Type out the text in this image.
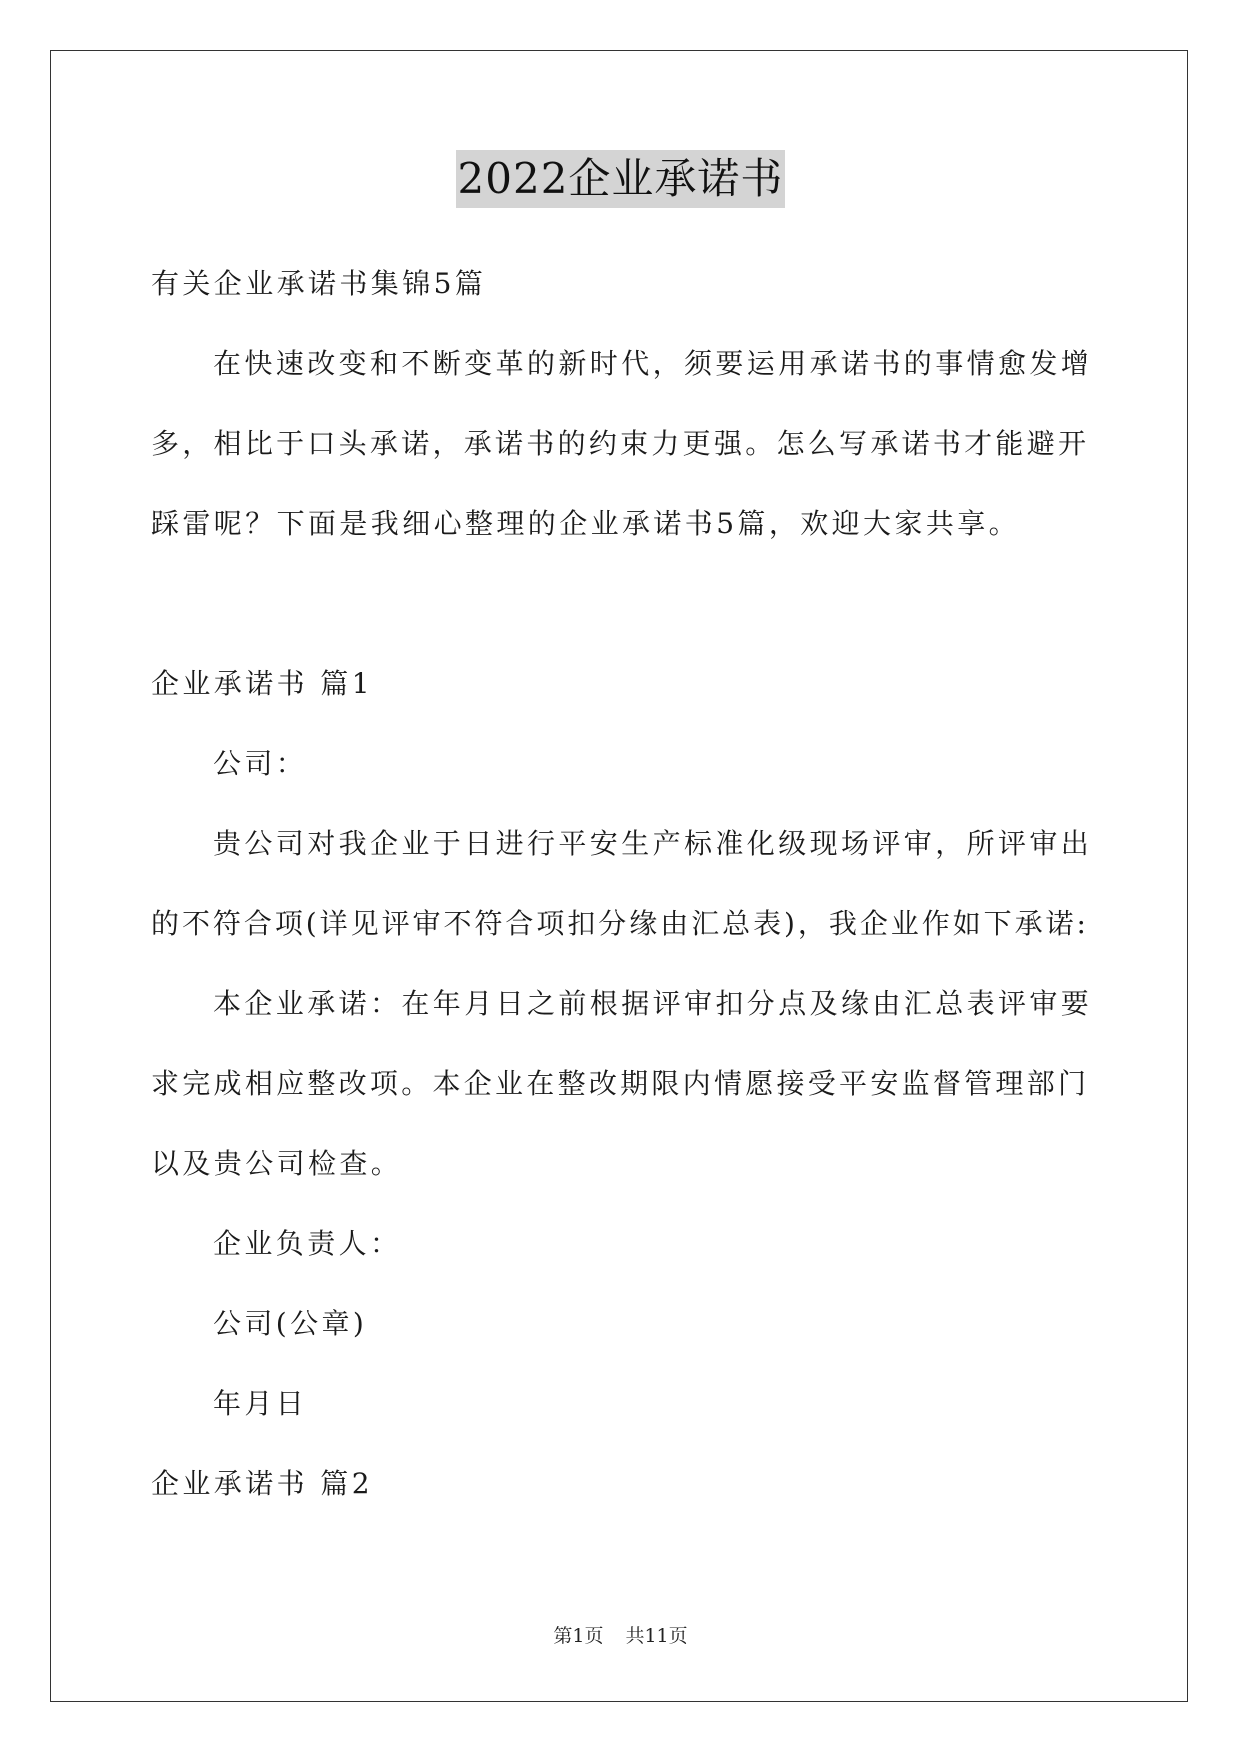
2022企业承诺书
有关企业承诺书集锦5篇
在快速改变和不断变革的新时代，须要运用承诺书的事情愈发增
多，相比于口头承诺，承诺书的约束力更强。怎么写承诺书才能避开
踩雷呢？下面是我细心整理的企业承诺书5篇，欢迎大家共享。
企业承诺书 篇1
公司：
贵公司对我企业于日进行平安生产标准化级现场评审，所评审出
的不符合项(详见评审不符合项扣分缘由汇总表)，我企业作如下承诺:
本企业承诺：在年月日之前根据评审扣分点及缘由汇总表评审要
求完成相应整改项。本企业在整改期限内情愿接受平安监督管理部门
以及贵公司检查。
企业负责人：
公司(公章)
年月日
企业承诺书 篇2
第1页 共11页
